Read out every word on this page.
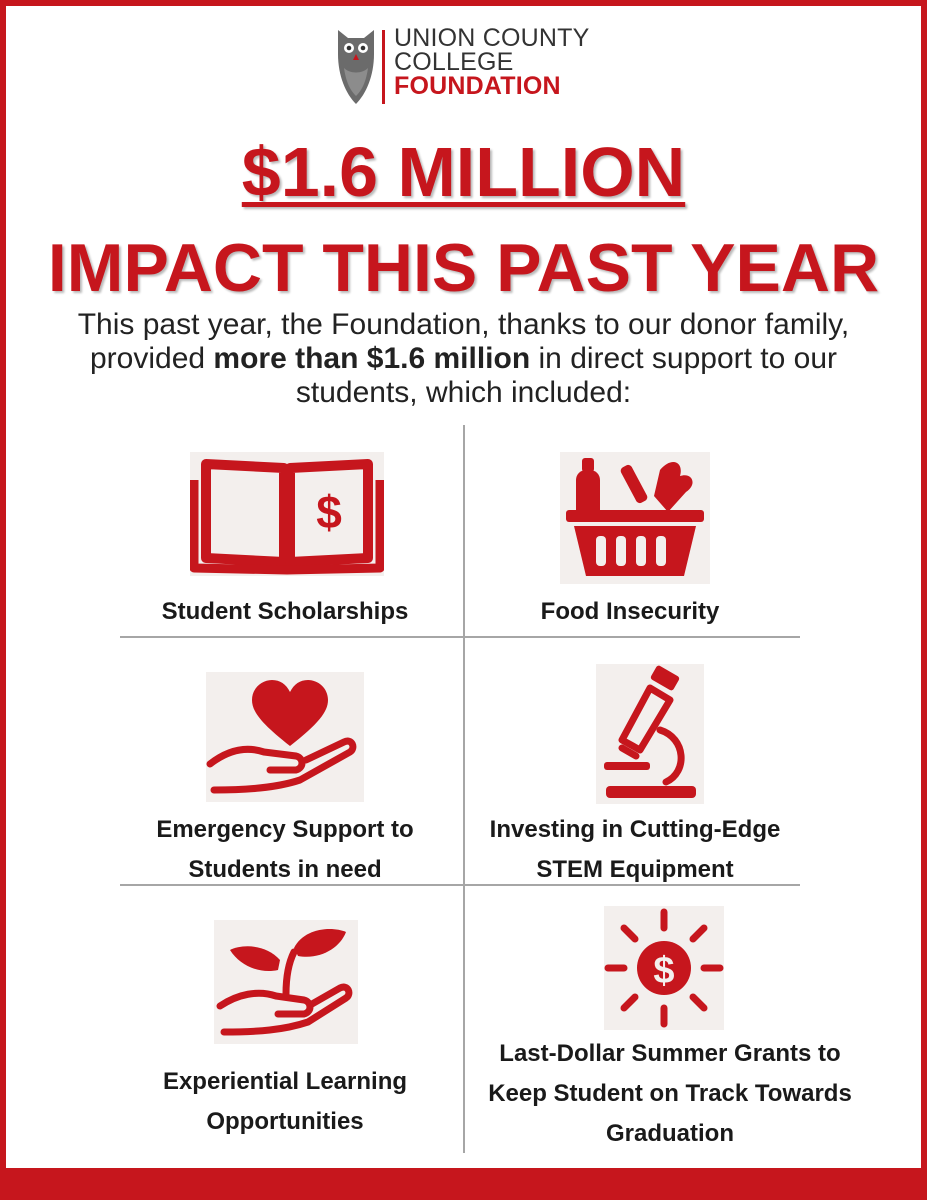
UNION COUNTY
COLLEGE
FOUNDATION
$1.6 MILLION
IMPACT THIS PAST YEAR
This past year, the Foundation, thanks to our donor family, provided more than $1.6 million in direct support to our students, which included:
$
Student Scholarships	Food Insecurity
Emergency Support to Students in need
Investing in Cutting-Edge STEM Equipment
Experiential Learning Opportunities
$
Last-Dollar Summer Grants to Keep Student on Track Towards Graduation
